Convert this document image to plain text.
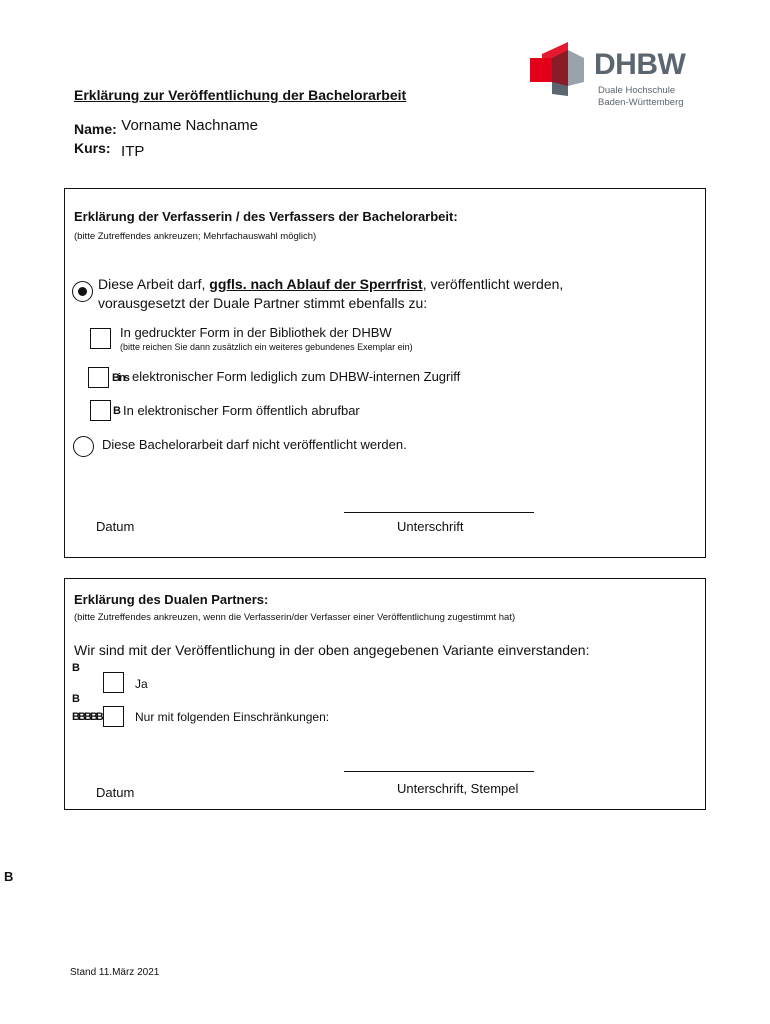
DHBW
Duale Hochschule
Baden-Württemberg
Erklärung zur Veröffentlichung der Bachelorarbeit
Name: Vorname Nachname
Kurs: ITP
Erklärung der Verfasserin / des Verfassers der Bachelorarbeit:
(bitte Zutreffendes ankreuzen; Mehrfachauswahl möglich)
Diese Arbeit darf, ggfls. nach Ablauf der Sperrfrist, veröffentlicht werden,
vorausgesetzt der Duale Partner stimmt ebenfalls zu:
In gedruckter Form in der Bibliothek der DHBW
(bitte reichen Sie dann zusätzlich ein weiteres gebundenes Exemplar ein)
Bins elektronischer Form lediglich zum DHBW-internen Zugriff
B In elektronischer Form öffentlich abrufbar
Diese Bachelorarbeit darf nicht veröffentlicht werden.
Datum	Unterschrift
Erklärung des Dualen Partners:
(bitte Zutreffendes ankreuzen, wenn die Verfasserin/der Verfasser einer Veröffentlichung zugestimmt hat)
Wir sind mit der Veröffentlichung in der oben angegebenen Variante einverstanden:
B
Ja
B
BBBBB	Nur mit folgenden Einschränkungen:
Datum	Unterschrift, Stempel
B
Stand 11.März 2021
